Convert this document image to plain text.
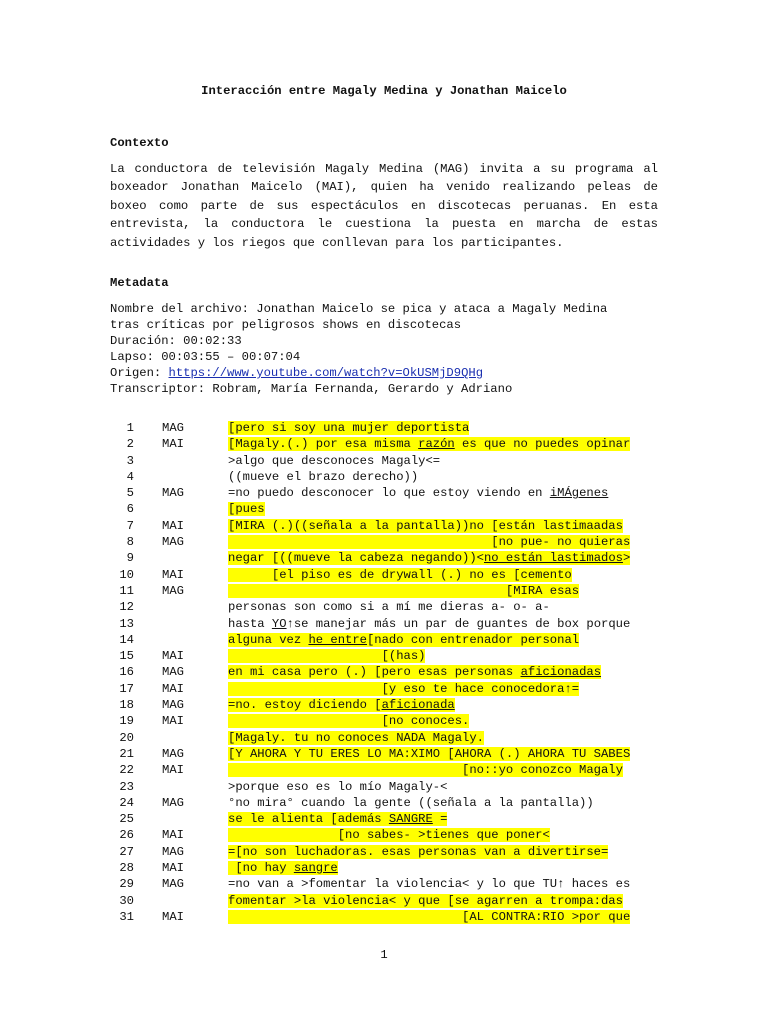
Interacción entre Magaly Medina y Jonathan Maicelo
Contexto

La conductora de televisión Magaly Medina (MAG) invita a su programa al boxeador Jonathan Maicelo (MAI), quien ha venido realizando peleas de boxeo como parte de sus espectáculos en discotecas peruanas. En esta entrevista, la conductora le cuestiona la puesta en marcha de estas actividades y los riegos que conllevan para los participantes.

Metadata
Nombre del archivo: Jonathan Maicelo se pica y ataca a Magaly Medina
tras críticas por peligrosos shows en discotecas
Duración: 00:02:33
Lapso: 00:03:55 – 00:07:04
Origen: https://www.youtube.com/watch?v=OkUSMjD9QHg
Transcriptor: Robram, María Fernanda, Gerardo y Adriano
1 MAG	[pero si soy una mujer deportista
2 MAI	[Magaly.(.) por esa misma razón es que no puedes opinar
3	>algo que desconoces Magaly<=
4	((mueve el brazo derecho))
5 MAG	=no puedo desconocer lo que estoy viendo en iMÁgenes
6	[pues
7 MAI	[MIRA (.)((señala a la pantalla))no [están lastimaadas
8 MAG	[no pue- no quieras
9	negar [((mueve la cabeza negando))<no están lastimados>
10 MAI	[el piso es de drywall (.) no es [cemento
11 MAG	[MIRA esas
12	personas son como si a mí me dieras a- o- a-
13	hasta YO↑se manejar más un par de guantes de box porque
14	alguna vez he entre[nado con entrenador personal
15 MAI	[(has)
16 MAG	en mi casa pero (.) [pero esas personas aficionadas
17 MAI	[y eso te hace conocedora↑=
18 MAG	=no. estoy diciendo [aficionada
19 MAI	[no conoces.
20	[Magaly. tu no conoces NADA Magaly.
21 MAG	[Y AHORA Y TU ERES LO MA:XIMO [AHORA (.) AHORA TU SABES
22 MAI	[no::yo conozco Magaly
23	>porque eso es lo mío Magaly-<
24 MAG	°no mira° cuando la gente ((señala a la pantalla))
25	se le alienta [además SANGRE =
26 MAI	[no sabes- >tienes que poner<
27 MAG	=[no son luchadoras. esas personas van a divertirse=
28 MAI	[no hay sangre
29 MAG	=no van a >fomentar la violencia< y lo que TU↑ haces es
30	fomentar >la violencia< y que [se agarren a trompa:das
31 MAI	[AL CONTRA:RIO >por que
1
